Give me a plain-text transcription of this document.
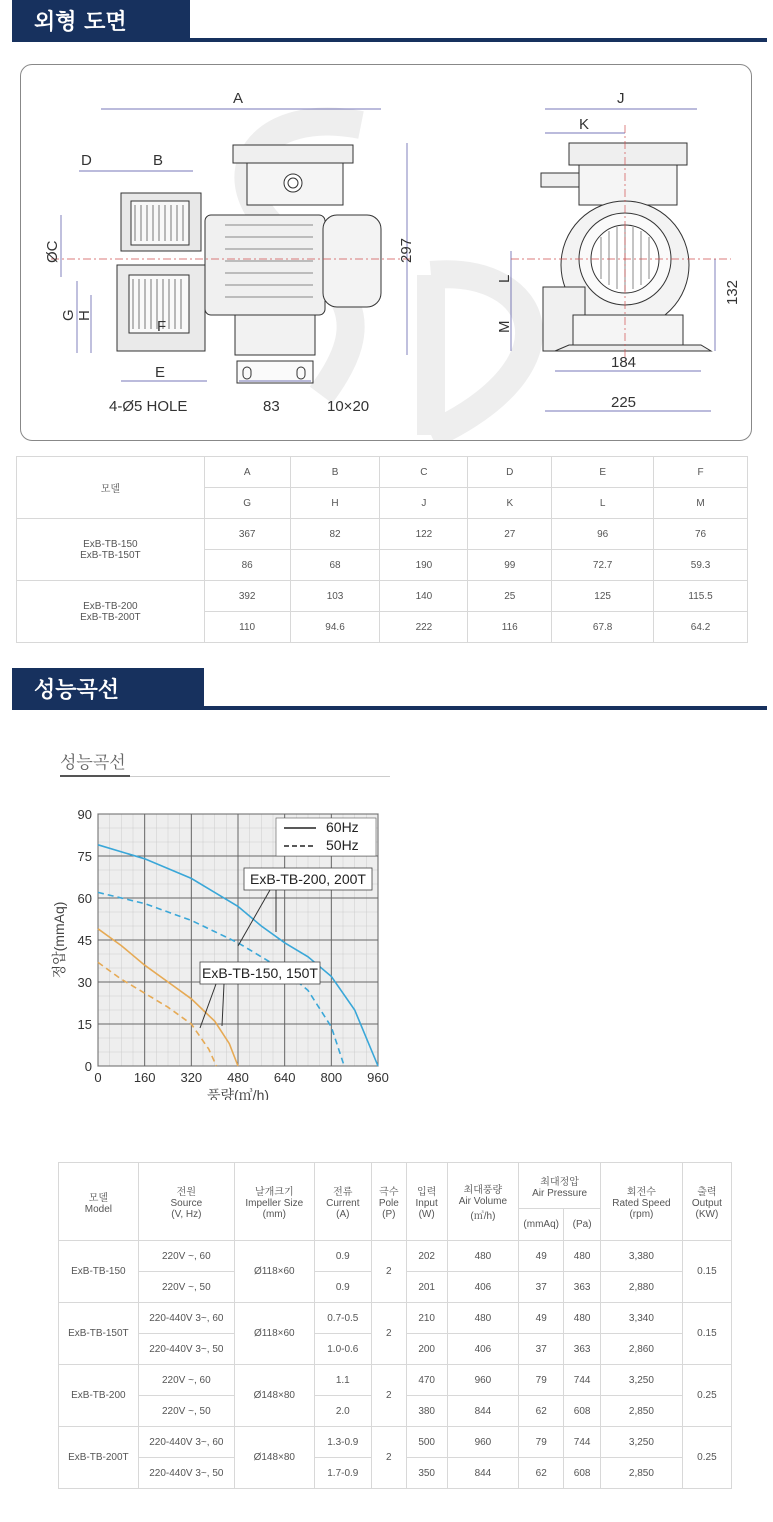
외형 도면
A
D	B
ØC
G H
F
E
4-Ø5 HOLE	83	10×20
297
J
K
L
M
132
184
225
모델	A	B	C	D	E	F
	G	H	J	K	L	M
ExB-TB-150
ExB-TB-150T	367	82	122	27	96	76
	86	68	190	99	72.7	59.3
ExB-TB-200
ExB-TB-200T	392	103	140	25	125	115.5
	110	94.6	222	116	67.8	64.2
성능곡선
성능곡선
0 160 320 480 640 800 960
0
15
30
45
60
75
90
60Hz
50Hz
ExB-TB-200, 200T
ExB-TB-150, 150T
풍량(㎥/h)
정압(mmAq)
모델
Model	전원
Source
(V, Hz)	날개크기
Impeller Size
(mm)	전류
Current
(A)	극수
Pole
(P)	입력
Input
(W)	최대풍량
Air Volume
(㎥/h)	최대정압
Air Pressure		회전수
Rated Speed
(rpm)	출력
Output
(KW)
							(mmAq)	(Pa)		
ExB-TB-150	220V ~, 60	Ø118×60	0.9	2	202	480	49	480	3,380	0.15
	220V ~, 50		0.9		201	406	37	363	2,880	
ExB-TB-150T	220-440V 3~, 60	Ø118×60	0.7-0.5	2	210	480	49	480	3,340	0.15
	220-440V 3~, 50		1.0-0.6		200	406	37	363	2,860	
ExB-TB-200	220V ~, 60	Ø148×80	1.1	2	470	960	79	744	3,250	0.25
	220V ~, 50		2.0		380	844	62	608	2,850	
ExB-TB-200T	220-440V 3~, 60	Ø148×80	1.3-0.9	2	500	960	79	744	3,250	0.25
	220-440V 3~, 50		1.7-0.9		350	844	62	608	2,850	
